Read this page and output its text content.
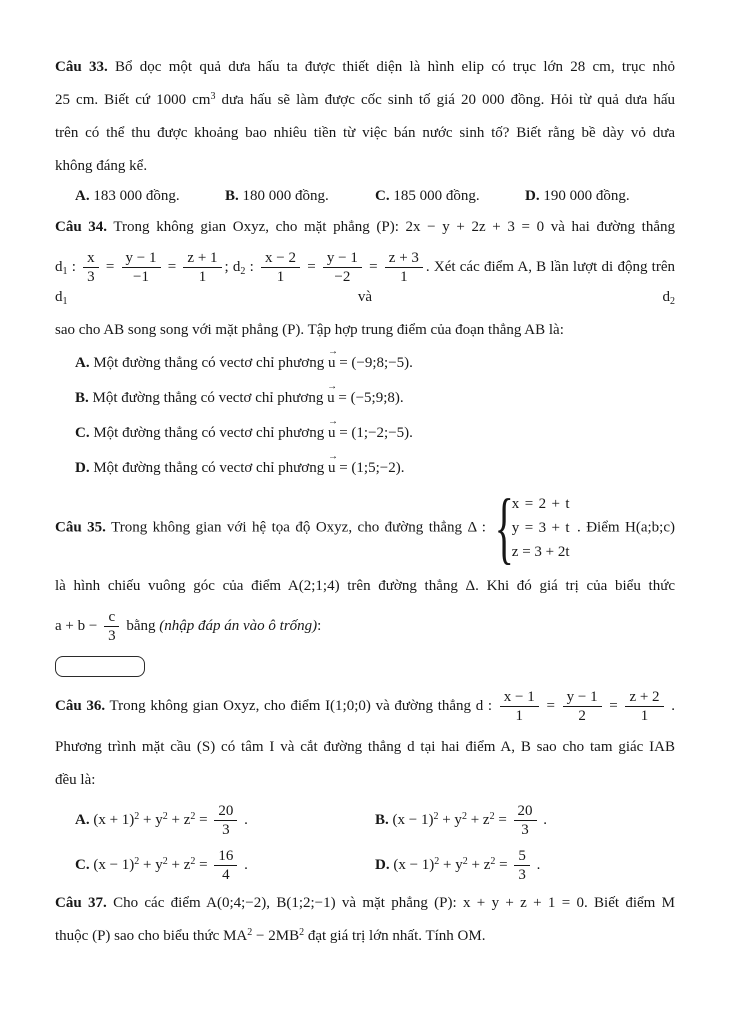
Câu 33. Bổ dọc một quả dưa hấu ta được thiết diện là hình elip có trục lớn 28 cm, trục nhỏ
25 cm. Biết cứ 1000 $cm^3$ dưa hấu sẽ làm được cốc sinh tố giá 20 000 đồng. Hỏi từ quả dưa hấu
trên có thể thu được khoảng bao nhiêu tiền từ việc bán nước sinh tố? Biết rằng bề dày vỏ dưa
không đáng kể.
A. 183 000 đồng.	B. 180 000 đồng.	C. 185 000 đồng.	D. 190 000 đồng.
Câu 34. Trong không gian Oxyz, cho mặt phẳng (P): 2x − y + 2z + 3 = 0 và hai đường thẳng
$d_1$ : $\frac{x}{3} = \frac{y - 1}{-1} = \frac{z + 1}{1}$ ; $d_2$ : $\frac{x - 2}{1} = \frac{y - 1}{-2} = \frac{z + 3}{1}$ . Xét các điểm A, B lần lượt di động trên $d_1$ và $d_2$
sao cho AB song song với mặt phẳng (P). Tập hợp trung điểm của đoạn thẳng AB là:
A. Một đường thẳng có vectơ chỉ phương → u = (−9;8;−5).
B. Một đường thẳng có vectơ chỉ phương → u = (−5;9;8).
C. Một đường thẳng có vectơ chỉ phương → u = (1;−2;−5).
D. Một đường thẳng có vectơ chỉ phương → u = (1;5;−2).
Câu 35. Trong không gian với hệ tọa độ Oxyz, cho đường thẳng Δ :
{ x = 2 + t
y = 3 + t
z = 3 + 2t
. Điểm H(a;b;c)
là hình chiếu vuông góc của điểm A(2;1;4) trên đường thẳng Δ. Khi đó giá trị của biểu thức
$a + b - \frac{c}{3}$ bằng (nhập đáp án vào ô trống):
Câu 36. Trong không gian Oxyz, cho điểm I(1;0;0) và đường thẳng d : $\frac{x - 1}{1} = \frac{y - 1}{2} = \frac{z + 2}{1}$ .
Phương trình mặt cầu (S) có tâm I và cắt đường thẳng d tại hai điểm A, B sao cho tam giác IAB
đều là:
A. $(x + 1)^2 + y^2 + z^2 = \frac{20}{3}$ .	B. $(x - 1)^2 + y^2 + z^2 = \frac{20}{3}$ .
C. $(x - 1)^2 + y^2 + z^2 = \frac{16}{4}$ .	D. $(x - 1)^2 + y^2 + z^2 = \frac{5}{3}$ .
Câu 37. Cho các điểm A(0;4;−2), B(1;2;−1) và mặt phẳng (P): x + y + z + 1 = 0. Biết điểm M
thuộc (P) sao cho biểu thức $MA^2 - 2MB^2$ đạt giá trị lớn nhất. Tính OM.
